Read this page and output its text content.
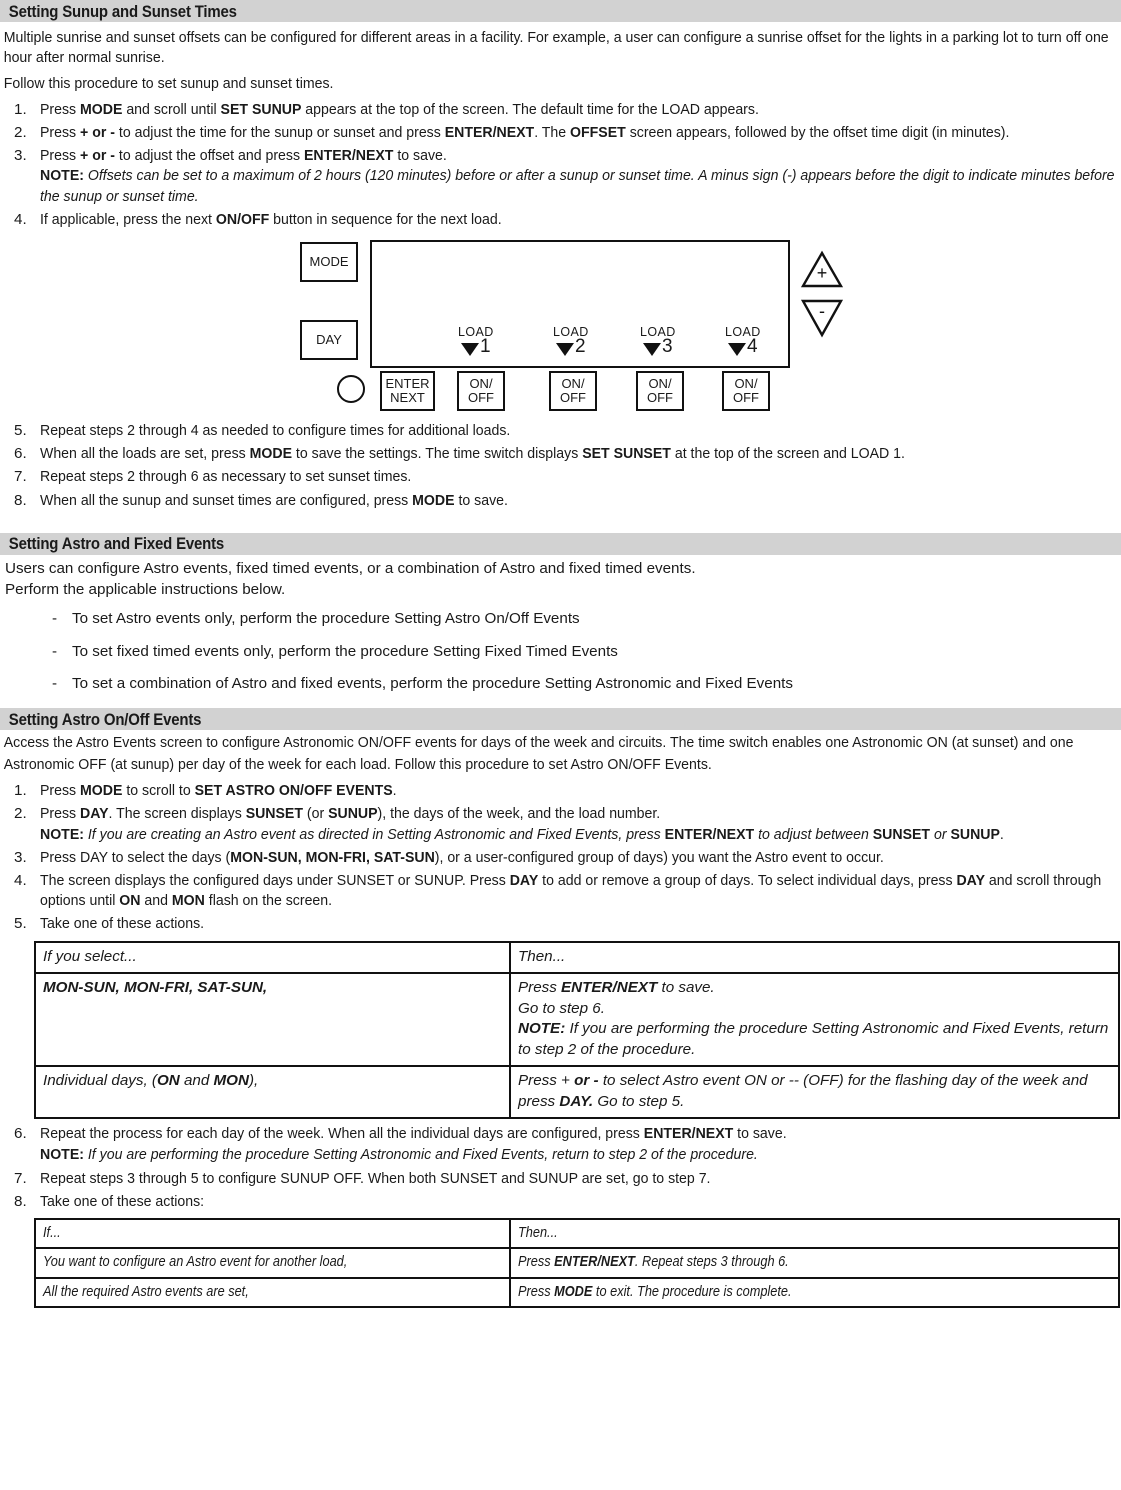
Setting Sunup and Sunset Times
Multiple sunrise and sunset offsets can be configured for different areas in a facility. For example, a user can configure a sunrise offset for the lights in a parking lot to turn off one hour after normal sunrise.
Follow this procedure to set sunup and sunset times.
1. Press MODE and scroll until SET SUNUP appears at the top of the screen. The default time for the LOAD appears.
2. Press + or - to adjust the time for the sunup or sunset and press ENTER/NEXT. The OFFSET screen appears, followed by the offset time digit (in minutes).
3. Press + or - to adjust the offset and press ENTER/NEXT to save.
NOTE: Offsets can be set to a maximum of 2 hours (120 minutes) before or after a sunup or sunset time. A minus sign (-) appears before the digit to indicate minutes before the sunup or sunset time.
4. If applicable, press the next ON/OFF button in sequence for the next load.
MODE
DAY
LOAD
1
LOAD
2
LOAD
3
LOAD
4
ENTER
NEXT
ON/
OFF
ON/
OFF
ON/
OFF
ON/
OFF
+
-
5. Repeat steps 2 through 4 as needed to configure times for additional loads.
6. When all the loads are set, press MODE to save the settings. The time switch displays SET SUNSET at the top of the screen and LOAD 1.
7. Repeat steps 2 through 6 as necessary to set sunset times.
8. When all the sunup and sunset times are configured, press MODE to save.
Setting Astro and Fixed Events
Users can configure Astro events, fixed timed events, or a combination of Astro and fixed timed events.
Perform the applicable instructions below.
- To set Astro events only, perform the procedure Setting Astro On/Off Events
- To set fixed timed events only, perform the procedure Setting Fixed Timed Events
- To set a combination of Astro and fixed events, perform the procedure Setting Astronomic and Fixed Events
Setting Astro On/Off Events
Access the Astro Events screen to configure Astronomic ON/OFF events for days of the week and circuits. The time switch enables one Astronomic ON (at sunset) and one Astronomic OFF (at sunup) per day of the week for each load. Follow this procedure to set Astro ON/OFF Events.
1. Press MODE to scroll to SET ASTRO ON/OFF EVENTS.
2. Press DAY. The screen displays SUNSET (or SUNUP), the days of the week, and the load number.
NOTE: If you are creating an Astro event as directed in Setting Astronomic and Fixed Events, press ENTER/NEXT to adjust between SUNSET or SUNUP.
3. Press DAY to select the days (MON-SUN, MON-FRI, SAT-SUN), or a user-configured group of days) you want the Astro event to occur.
4. The screen displays the configured days under SUNSET or SUNUP. Press DAY to add or remove a group of days. To select individual days, press DAY and scroll through options until ON and MON flash on the screen.
5. Take one of these actions.
If you select...	Then...

MON-SUN, MON-FRI, SAT-SUN,	Press ENTER/NEXT to save.
Go to step 6.
NOTE: If you are performing the procedure Setting Astronomic and Fixed Events, return to step 2 of the procedure.

Individual days, (ON and MON),	Press + or - to select Astro event ON or -- (OFF) for the flashing day of the week and press DAY. Go to step 5.
6. Repeat the process for each day of the week. When all the individual days are configured, press ENTER/NEXT to save.
NOTE: If you are performing the procedure Setting Astronomic and Fixed Events, return to step 2 of the procedure.
7. Repeat steps 3 through 5 to configure SUNUP OFF. When both SUNSET and SUNUP are set, go to step 7.
8. Take one of these actions:
If...	Then...

You want to configure an Astro event for another load,	Press ENTER/NEXT. Repeat steps 3 through 6.

All the required Astro events are set,	Press MODE to exit. The procedure is complete.
